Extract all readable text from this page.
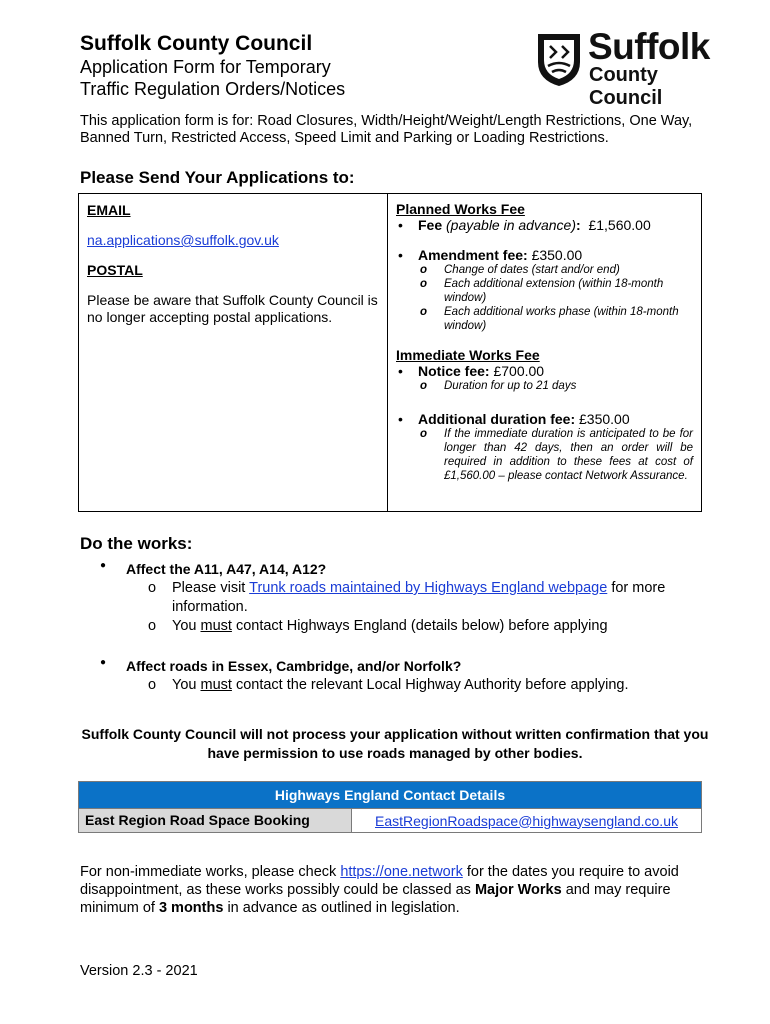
Suffolk County Council
Application Form for Temporary
Traffic Regulation Orders/Notices
Suffolk
County Council
This application form is for: Road Closures, Width/Height/Weight/Length Restrictions, One Way, Banned Turn, Restricted Access, Speed Limit and Parking or Loading Restrictions.
Please Send Your Applications to:
EMAIL
na.applications@suffolk.gov.uk
POSTAL
Please be aware that Suffolk County Council is no longer accepting postal applications.

Planned Works Fee
• Fee (payable in advance): £1,560.00
• Amendment fee: £350.00
o Change of dates (start and/or end)
o Each additional extension (within 18-month window)
o Each additional works phase (within 18-month window)
Immediate Works Fee
• Notice fee: £700.00
o Duration for up to 21 days
• Additional duration fee: £350.00
o If the immediate duration is anticipated to be for longer than 42 days, then an order will be required in addition to these fees at cost of £1,560.00 – please contact Network Assurance.
Do the works:
● Affect the A11, A47, A14, A12?
o Please visit Trunk roads maintained by Highways England webpage for more information.
o You must contact Highways England (details below) before applying
● Affect roads in Essex, Cambridge, and/or Norfolk?
o You must contact the relevant Local Highway Authority before applying.
Suffolk County Council will not process your application without written confirmation that you have permission to use roads managed by other bodies.
Highways England Contact Details
East Region Road Space Booking	EastRegionRoadspace@highwaysengland.co.uk
For non-immediate works, please check https://one.network for the dates you require to avoid disappointment, as these works possibly could be classed as Major Works and may require minimum of 3 months in advance as outlined in legislation.
Version 2.3 - 2021
